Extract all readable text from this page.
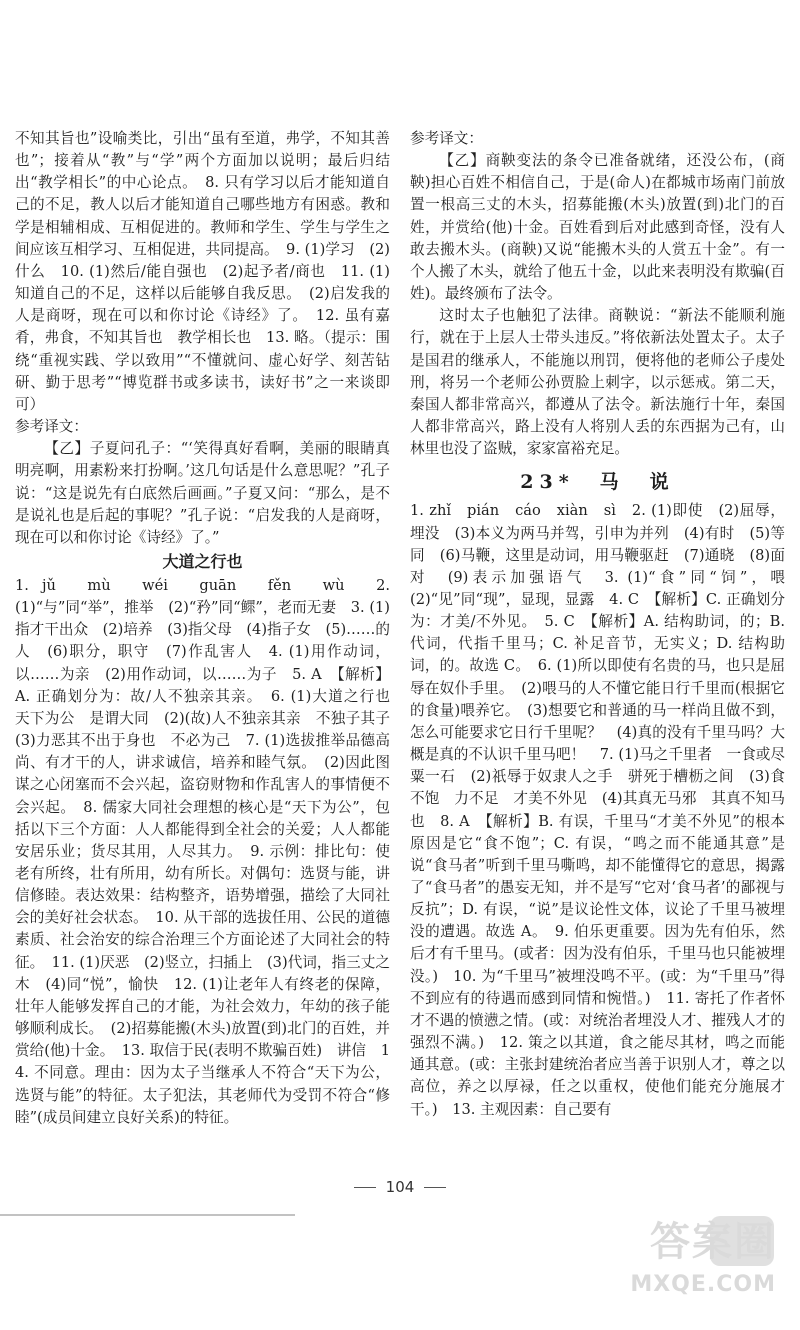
不知其旨也”设喻类比，引出“虽有至道，弗学，不知其善也”；接着从“教”与“学”两个方面加以说明；最后归结出“教学相长”的中心论点。　8. 只有学习以后才能知道自己的不足，教人以后才能知道自己哪些地方有困惑。教和学是相辅相成、互相促进的。教师和学生、学生与学生之间应该互相学习、互相促进，共同提高。　9. (1)学习　(2)什么　10. (1)然后/能自强也　(2)起予者/商也　11. (1)知道自己的不足，这样以后能够自我反思。　(2)启发我的人是商呀，现在可以和你讨论《诗经》了。　12. 虽有嘉肴，弗食，不知其旨也　教学相长也　13. 略。（提示：围绕“重视实践、学以致用”“不懂就问、虚心好学、刻苦钻研、勤于思考”“博览群书或多读书，读好书”之一来谈即可）

参考译文：

【乙】子夏问孔子：“‘笑得真好看啊，美丽的眼睛真明亮啊，用素粉来打扮啊。’这几句话是什么意思呢？”孔子说：“这是说先有白底然后画画。”子夏又问：“那么，是不是说礼也是后起的事呢？”孔子说：“启发我的人是商呀，现在可以和你讨论《诗经》了。”

大道之行也

1. jǔ　mù　wéi　guān　fěn　wù　2. (1)“与”同“举”，推举　(2)“矜”同“鳏”，老而无妻　3. (1)指才干出众　(2)培养　(3)指父母　(4)指子女　(5)……的人　(6)职分，职守　(7)作乱害人　4. (1)用作动词，以……为亲　(2)用作动词，以……为子　5. A　【解析】A. 正确划分为：故/人不独亲其亲。　6. (1)大道之行也　天下为公　是谓大同　(2)(故)人不独亲其亲　不独子其子　(3)力恶其不出于身也　不必为己　7. (1)选拔推举品德高尚、有才干的人，讲求诚信，培养和睦气氛。　(2)因此图谋之心闭塞而不会兴起，盗窃财物和作乱害人的事情便不会兴起。　8. 儒家大同社会理想的核心是“天下为公”，包括以下三个方面：人人都能得到全社会的关爱；人人都能安居乐业；货尽其用，人尽其力。　9. 示例：排比句：使老有所终，壮有所用，幼有所长。对偶句：选贤与能，讲信修睦。表达效果：结构整齐，语势增强，描绘了大同社会的美好社会状态。　10. 从干部的选拔任用、公民的道德素质、社会治安的综合治理三个方面论述了大同社会的特征。　11. (1)厌恶　(2)竖立，扫插上　(3)代词，指三丈之木　(4)同“悦”，愉快　12. (1)让老年人有终老的保障，壮年人能够发挥自己的才能，为社会效力，年幼的孩子能够顺利成长。　(2)招募能搬(木头)放置(到)北门的百姓，并赏给(他)十金。　13. 取信于民(表明不欺骗百姓)　讲信　14. 不同意。理由：因为太子当继承人不符合“天下为公，选贤与能”的特征。太子犯法，其老师代为受罚不符合“修睦”(成员间建立良好关系)的特征。

参考译文：

【乙】商鞅变法的条令已准备就绪，还没公布，(商鞅)担心百姓不相信自己，于是(命人)在都城市场南门前放置一根高三丈的木头，招募能搬(木头)放置(到)北门的百姓，并赏给(他)十金。百姓看到后对此感到奇怪，没有人敢去搬木头。(商鞅)又说“能搬木头的人赏五十金”。有一个人搬了木头，就给了他五十金，以此来表明没有欺骗(百姓)。最终颁布了法令。

这时太子也触犯了法律。商鞅说：“新法不能顺利施行，就在于上层人士带头违反。”将依新法处置太子。太子是国君的继承人，不能施以刑罚，便将他的老师公子虔处刑，将另一个老师公孙贾脸上刺字，以示惩戒。第二天，秦国人都非常高兴，都遵从了法令。新法施行十年，秦国人都非常高兴，路上没有人将别人丢的东西据为己有，山林里也没了盗贼，家家富裕充足。

23*　马　说

1. zhǐ　pián　cáo　xiàn　sì　2. (1)即使　(2)屈辱，埋没　(3)本义为两马并驾，引申为并列　(4)有时　(5)等同　(6)马鞭，这里是动词，用马鞭驱赶　(7)通晓　(8)面对　(9)表示加强语气　3. (1)“食”同“饲”，喂　(2)“见”同“现”，显现，显露　4. C　【解析】C. 正确划分为：才美/不外见。　5. C　【解析】A. 结构助词，的；B. 代词，代指千里马；C. 补足音节，无实义；D. 结构助词，的。故选 C。　6. (1)所以即使有名贵的马，也只是屈辱在奴仆手里。　(2)喂马的人不懂它能日行千里而(根据它的食量)喂养它。　(3)想要它和普通的马一样尚且做不到，怎么可能要求它日行千里呢？　(4)真的没有千里马吗？大概是真的不认识千里马吧！　7. (1)马之千里者　一食或尽粟一石　(2)祇辱于奴隶人之手　骈死于槽枥之间　(3)食不饱　力不足　才美不外见　(4)其真无马邪　其真不知马也　8. A　【解析】B. 有误，千里马“才美不外见”的根本原因是它“食不饱”；C. 有误，“鸣之而不能通其意”是说“食马者”听到千里马嘶鸣，却不能懂得它的意思，揭露了“食马者”的愚妄无知，并不是写“它对‘食马者’的鄙视与反抗”；D. 有误，“说”是议论性文体，议论了千里马被埋没的遭遇。故选 A。　9. 伯乐更重要。因为先有伯乐，然后才有千里马。(或者：因为没有伯乐，千里马也只能被埋没。)　10. 为“千里马”被埋没鸣不平。(或：为“千里马”得不到应有的待遇而感到同情和惋惜。)　11. 寄托了作者怀才不遇的愤懑之情。(或：对统治者埋没人才、摧残人才的强烈不满。)　12. 策之以其道，食之能尽其材，鸣之而能通其意。(或：主张封建统治者应当善于识别人才，尊之以高位，养之以厚禄，任之以重权，使他们能充分施展才干。)　13. 主观因素：自己要有

104
答案圈
MXQE.COM
